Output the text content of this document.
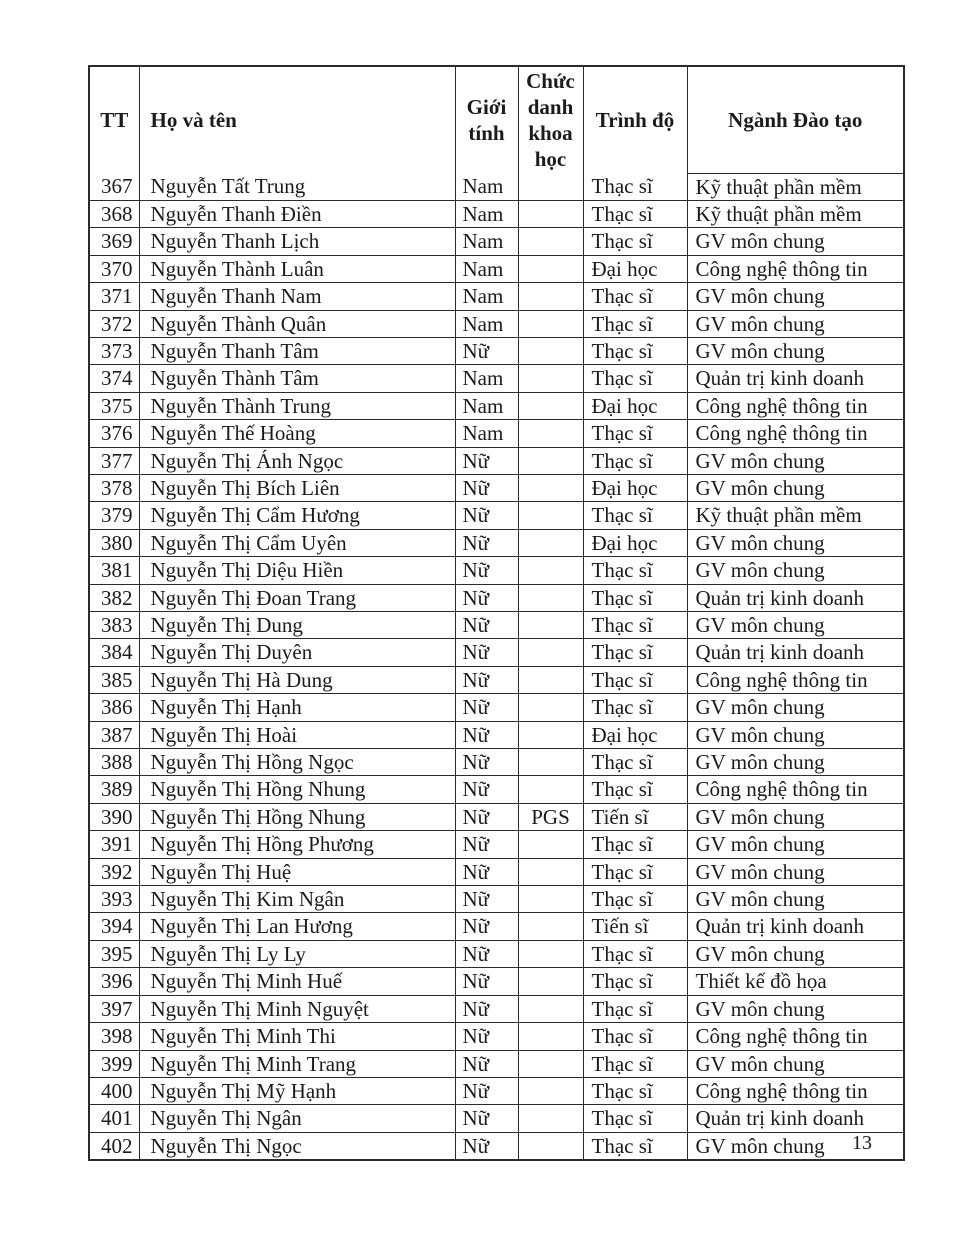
TT	Họ và tên	Giới tính	Chức danh khoa học	Trình độ	Ngành Đào tạo
367	Nguyễn Tất Trung	Nam		Thạc sĩ	Kỹ thuật phần mềm
368	Nguyễn Thanh Điền	Nam		Thạc sĩ	Kỹ thuật phần mềm
369	Nguyễn Thanh Lịch	Nam		Thạc sĩ	GV môn chung
370	Nguyễn Thành Luân	Nam		Đại học	Công nghệ thông tin
371	Nguyễn Thanh Nam	Nam		Thạc sĩ	GV môn chung
372	Nguyễn Thành Quân	Nam		Thạc sĩ	GV môn chung
373	Nguyễn Thanh Tâm	Nữ		Thạc sĩ	GV môn chung
374	Nguyễn Thành Tâm	Nam		Thạc sĩ	Quản trị kinh doanh
375	Nguyễn Thành Trung	Nam		Đại học	Công nghệ thông tin
376	Nguyễn Thế Hoàng	Nam		Thạc sĩ	Công nghệ thông tin
377	Nguyễn Thị Ánh Ngọc	Nữ		Thạc sĩ	GV môn chung
378	Nguyễn Thị Bích Liên	Nữ		Đại học	GV môn chung
379	Nguyễn Thị Cẩm Hương	Nữ		Thạc sĩ	Kỹ thuật phần mềm
380	Nguyễn Thị Cẩm Uyên	Nữ		Đại học	GV môn chung
381	Nguyễn Thị Diệu Hiền	Nữ		Thạc sĩ	GV môn chung
382	Nguyễn Thị Đoan Trang	Nữ		Thạc sĩ	Quản trị kinh doanh
383	Nguyễn Thị Dung	Nữ		Thạc sĩ	GV môn chung
384	Nguyễn Thị Duyên	Nữ		Thạc sĩ	Quản trị kinh doanh
385	Nguyễn Thị Hà Dung	Nữ		Thạc sĩ	Công nghệ thông tin
386	Nguyễn Thị Hạnh	Nữ		Thạc sĩ	GV môn chung
387	Nguyễn Thị Hoài	Nữ		Đại học	GV môn chung
388	Nguyễn Thị Hồng Ngọc	Nữ		Thạc sĩ	GV môn chung
389	Nguyễn Thị Hồng Nhung	Nữ		Thạc sĩ	Công nghệ thông tin
390	Nguyễn Thị Hồng Nhung	Nữ	PGS	Tiến sĩ	GV môn chung
391	Nguyễn Thị Hồng Phương	Nữ		Thạc sĩ	GV môn chung
392	Nguyễn Thị Huệ	Nữ		Thạc sĩ	GV môn chung
393	Nguyễn Thị Kim Ngân	Nữ		Thạc sĩ	GV môn chung
394	Nguyễn Thị Lan Hương	Nữ		Tiến sĩ	Quản trị kinh doanh
395	Nguyễn Thị Ly Ly	Nữ		Thạc sĩ	GV môn chung
396	Nguyễn Thị Minh Huế	Nữ		Thạc sĩ	Thiết kế đồ họa
397	Nguyễn Thị Minh Nguyệt	Nữ		Thạc sĩ	GV môn chung
398	Nguyễn Thị Minh Thi	Nữ		Thạc sĩ	Công nghệ thông tin
399	Nguyễn Thị Minh Trang	Nữ		Thạc sĩ	GV môn chung
400	Nguyễn Thị Mỹ Hạnh	Nữ		Thạc sĩ	Công nghệ thông tin
401	Nguyễn Thị Ngân	Nữ		Thạc sĩ	Quản trị kinh doanh
402	Nguyễn Thị Ngọc	Nữ		Thạc sĩ	GV môn chung	13
